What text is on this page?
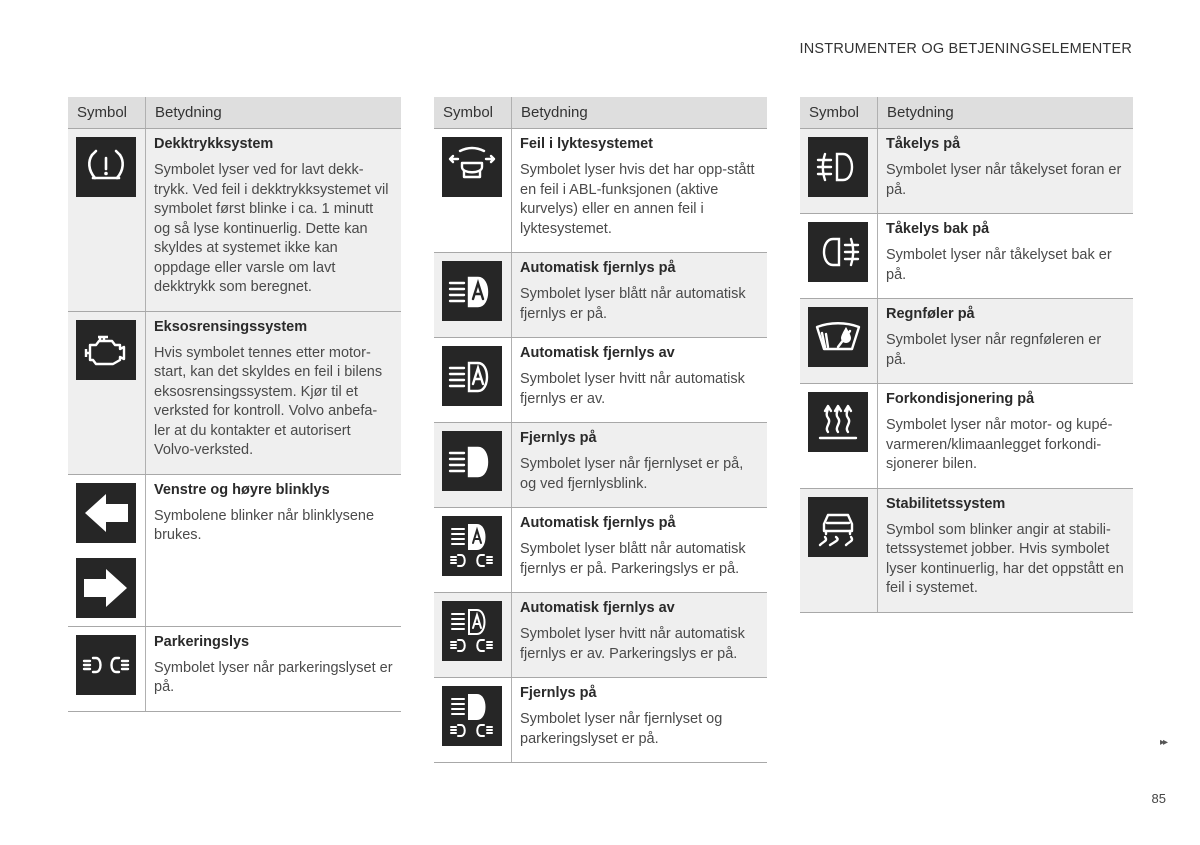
INSTRUMENTER OG BETJENINGSELEMENTER
Symbol	Betydning

Dekktrykksystem
Symbolet lyser ved for lavt dekk-trykk. Ved feil i dekktrykksystemet vil symbolet først blinke i ca. 1 minutt og så lyse kontinuerlig. Dette kan skyldes at systemet ikke kan oppdage eller varsle om lavt dekktrykk som beregnet.

Eksosrensingssystem
Hvis symbolet tennes etter motor-start, kan det skyldes en feil i bilens eksosrensingssystem. Kjør til et verksted for kontroll. Volvo anbefa-ler at du kontakter et autorisert Volvo-verksted.

Venstre og høyre blinklys
Symbolene blinker når blinklysene brukes.

Parkeringslys
Symbolet lyser når parkeringslyset er på.
Symbol	Betydning

Feil i lyktesystemet
Symbolet lyser hvis det har opp-stått en feil i ABL-funksjonen (aktive kurvelys) eller en annen feil i lyktesystemet.

Automatisk fjernlys på
Symbolet lyser blått når automatisk fjernlys er på.

Automatisk fjernlys av
Symbolet lyser hvitt når automatisk fjernlys er av.

Fjernlys på
Symbolet lyser når fjernlyset er på, og ved fjernlysblink.

Automatisk fjernlys på
Symbolet lyser blått når automatisk fjernlys er på. Parkeringslys er på.

Automatisk fjernlys av
Symbolet lyser hvitt når automatisk fjernlys er av. Parkeringslys er på.

Fjernlys på
Symbolet lyser når fjernlyset og parkeringslyset er på.
Symbol	Betydning

Tåkelys på
Symbolet lyser når tåkelyset foran er på.

Tåkelys bak på
Symbolet lyser når tåkelyset bak er på.

Regnføler på
Symbolet lyser når regnføleren er på.

Forkondisjonering på
Symbolet lyser når motor- og kupé-varmeren/klimaanlegget forkondi-sjonerer bilen.

Stabilitetssystem
Symbol som blinker angir at stabili-tetssystemet jobber. Hvis symbolet lyser kontinuerlig, har det oppstått en feil i systemet.
▸▸
85
